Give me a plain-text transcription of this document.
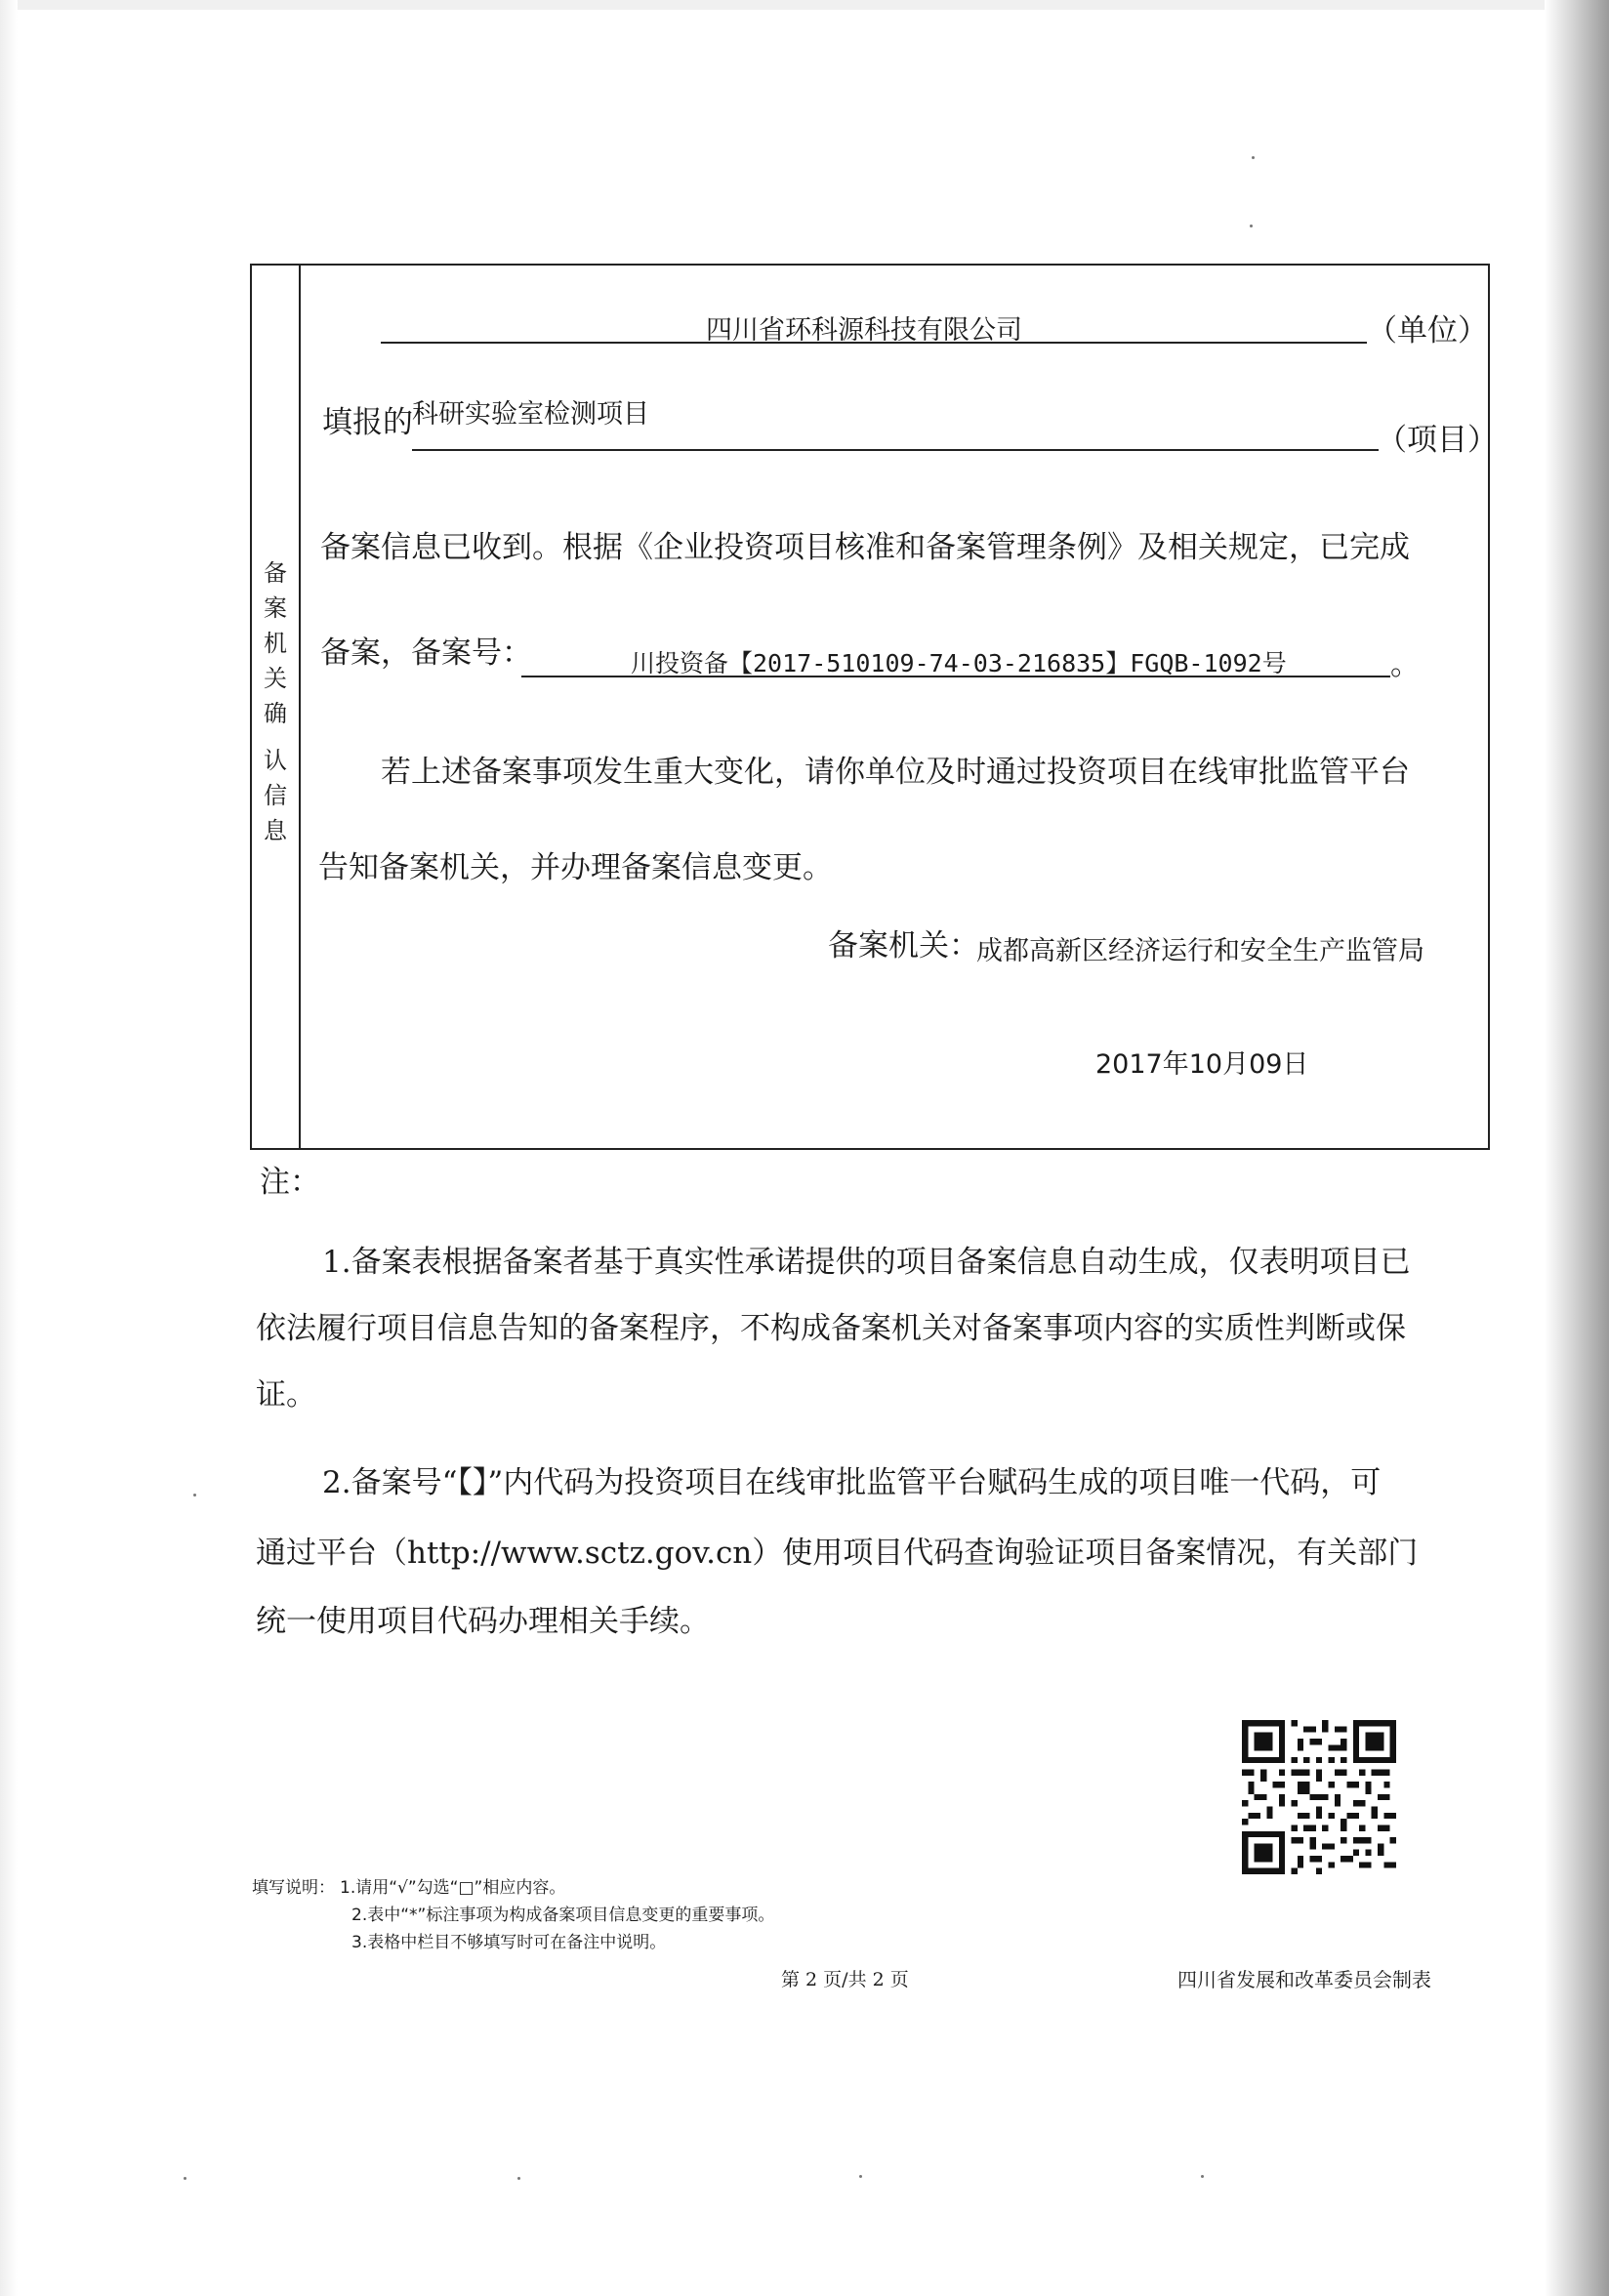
备
案
机
关
确
认
信
息
四川省环科源科技有限公司	（单位）
填报的 科研实验室检测项目
（项目）
备案信息已收到。根据《企业投资项目核准和备案管理条例》及相关规定，已完成
备案，备案号：	川投资备【2017-510109-74-03-216835】FGQB-1092号	。
若上述备案事项发生重大变化，请你单位及时通过投资项目在线审批监管平台
告知备案机关，并办理备案信息变更。
备案机关：
成都高新区经济运行和安全生产监管局
2017年10月09日
注：
1.备案表根据备案者基于真实性承诺提供的项目备案信息自动生成，仅表明项目已
依法履行项目信息告知的备案程序，不构成备案机关对备案事项内容的实质性判断或保
证。
2.备案号“【】”内代码为投资项目在线审批监管平台赋码生成的项目唯一代码，可
通过平台（http://www.sctz.gov.cn）使用项目代码查询验证项目备案情况，有关部门
统一使用项目代码办理相关手续。
填写说明： 1.请用“√”勾选“□”相应内容。
2.表中“*”标注事项为构成备案项目信息变更的重要事项。
3.表格中栏目不够填写时可在备注中说明。
第 2 页/共 2 页	四川省发展和改革委员会制表
